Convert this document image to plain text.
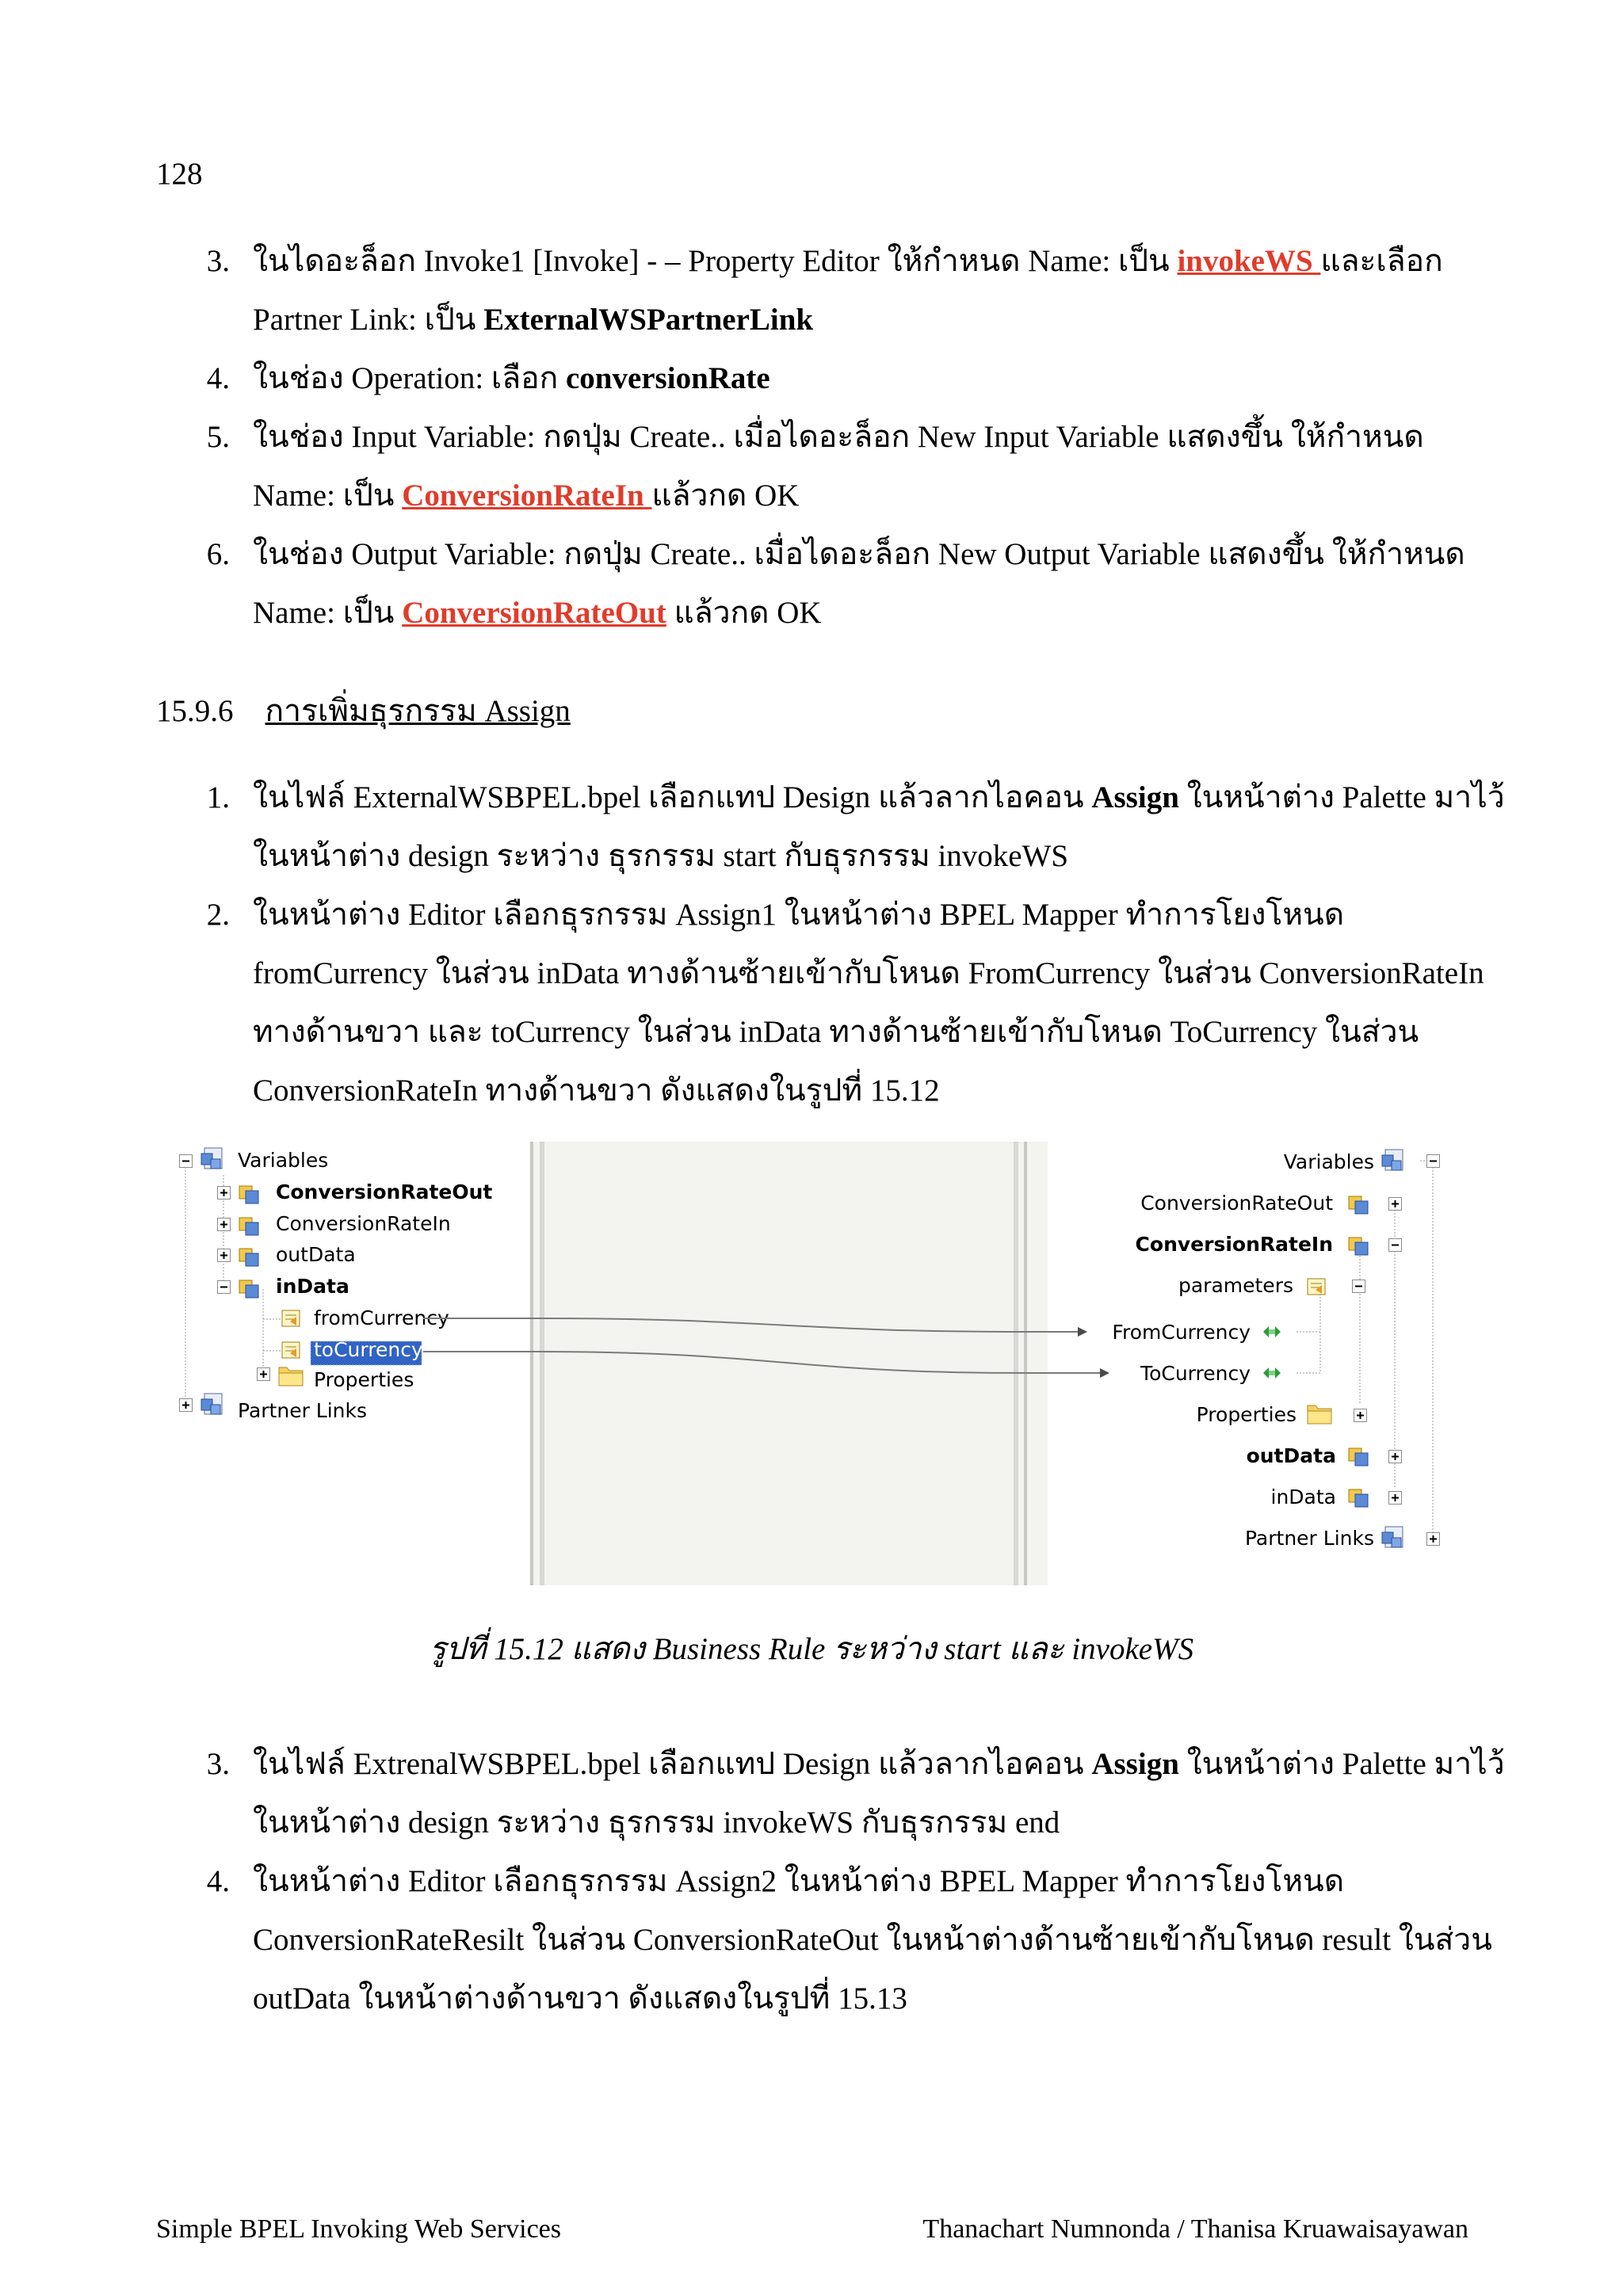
128
3. ในไดอะล็อก Invoke1 [Invoke] - – Property Editor ให้กำหนด Name: เป็น invokeWS และเลือก
Partner Link: เป็น ExternalWSPartnerLink
4. ในช่อง Operation: เลือก conversionRate
5. ในช่อง Input Variable: กดปุ่ม Create.. เมื่อไดอะล็อก New Input Variable แสดงขึ้น ให้กำหนด
Name: เป็น ConversionRateIn แล้วกด OK
6. ในช่อง Output Variable: กดปุ่ม Create.. เมื่อไดอะล็อก New Output Variable แสดงขึ้น ให้กำหนด
Name: เป็น ConversionRateOut แล้วกด OK
15.9.6 การเพิ่มธุรกรรม Assign
1. ในไฟล์ ExternalWSBPEL.bpel เลือกแทป Design แล้วลากไอคอน Assign ในหน้าต่าง Palette มาไว้
ในหน้าต่าง design ระหว่าง ธุรกรรม start กับธุรกรรม invokeWS
2. ในหน้าต่าง Editor เลือกธุรกรรม Assign1 ในหน้าต่าง BPEL Mapper ทำการโยงโหนด
fromCurrency ในส่วน inData ทางด้านซ้ายเข้ากับโหนด FromCurrency ในส่วน ConversionRateIn
ทางด้านขวา และ toCurrency ในส่วน inData ทางด้านซ้ายเข้ากับโหนด ToCurrency ในส่วน
ConversionRateIn ทางด้านขวา ดังแสดงในรูปที่ 15.12
Variables
ConversionRateOut
ConversionRateIn
outData
inData
fromCurrency
toCurrency
Properties
Partner Links
Variables
ConversionRateOut
ConversionRateIn
parameters
FromCurrency
ToCurrency
Properties
outData
inData
Partner Links
รูปที่ 15.12 แสดง Business Rule ระหว่าง start และ invokeWS
3. ในไฟล์ ExtrenalWSBPEL.bpel เลือกแทป Design แล้วลากไอคอน Assign ในหน้าต่าง Palette มาไว้
ในหน้าต่าง design ระหว่าง ธุรกรรม invokeWS กับธุรกรรม end
4. ในหน้าต่าง Editor เลือกธุรกรรม Assign2 ในหน้าต่าง BPEL Mapper ทำการโยงโหนด
ConversionRateResilt ในส่วน ConversionRateOut ในหน้าต่างด้านซ้ายเข้ากับโหนด result ในส่วน
outData ในหน้าต่างด้านขวา ดังแสดงในรูปที่ 15.13
Simple BPEL Invoking Web Services	Thanachart Numnonda / Thanisa Kruawaisayawan
